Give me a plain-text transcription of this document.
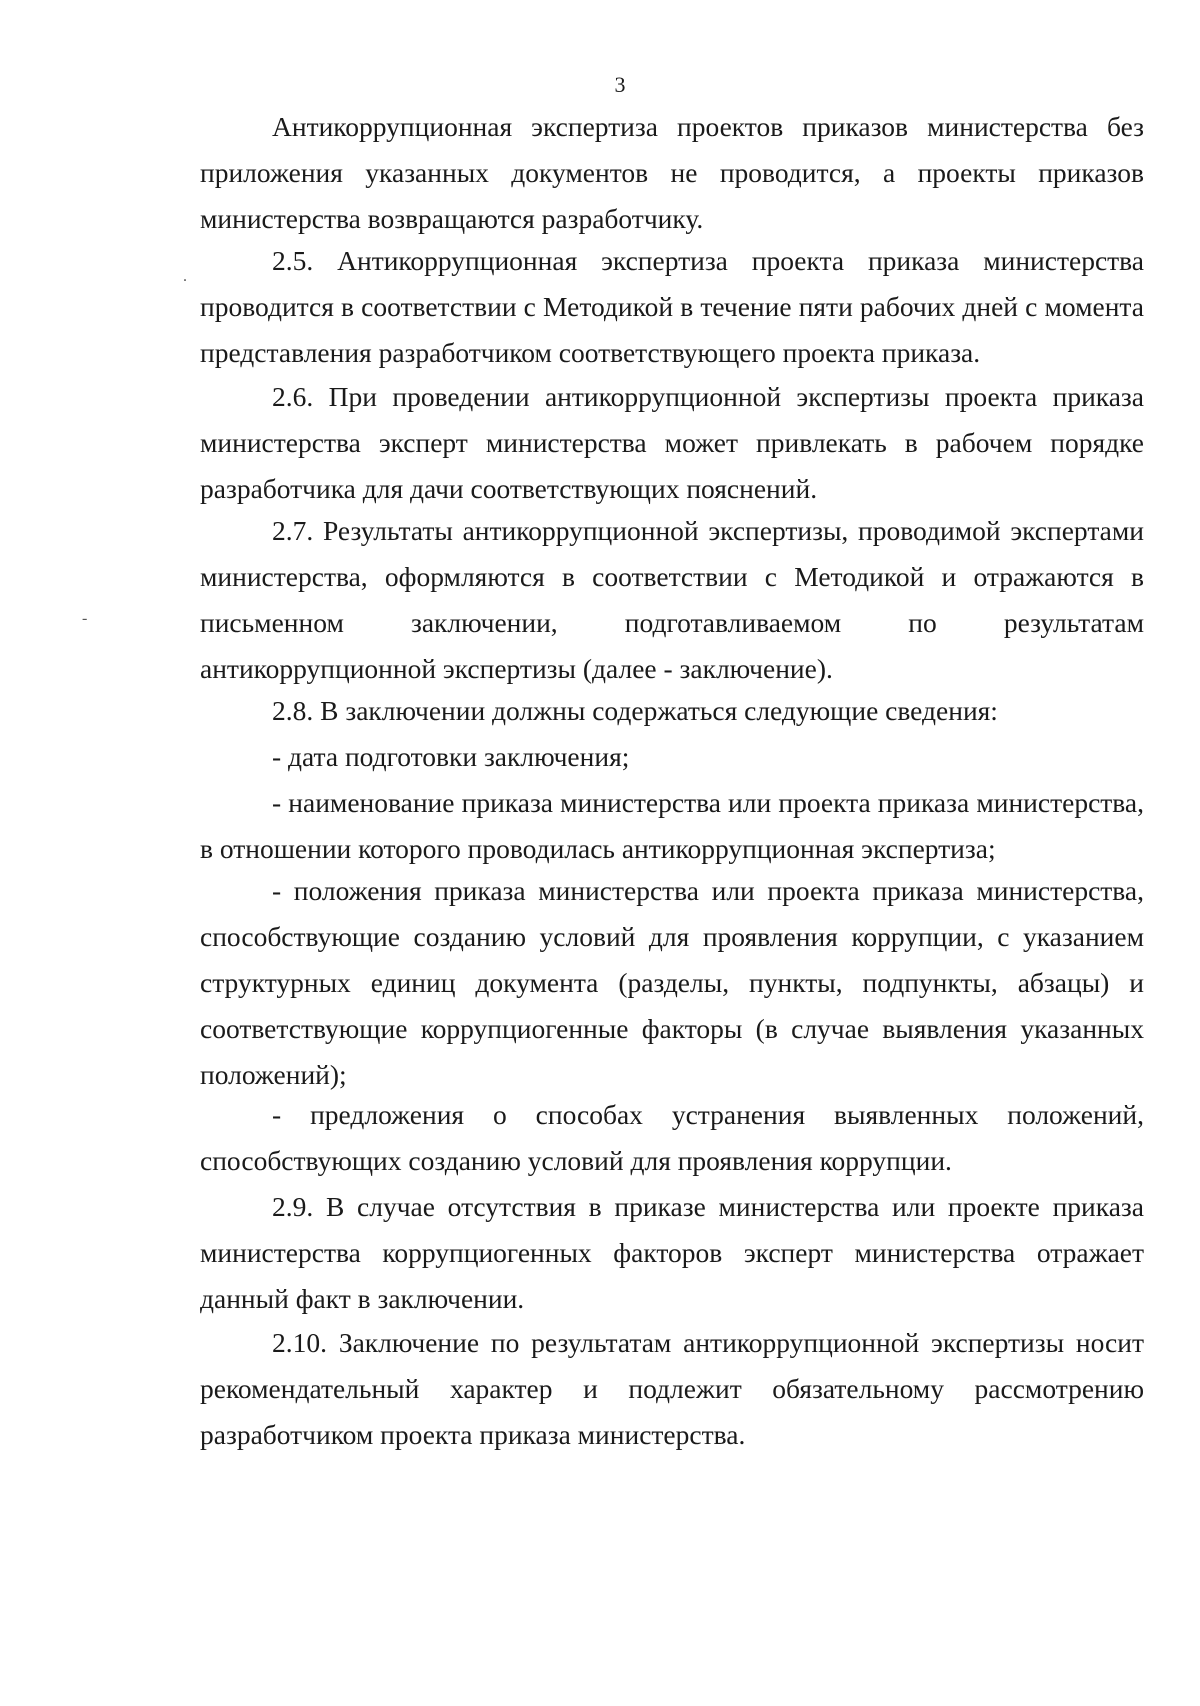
3
.
-

Антикоррупционная экспертиза проектов приказов министерства без приложения указанных документов не проводится, а проекты приказов министерства возвращаются разработчику.

2.5. Антикоррупционная экспертиза проекта приказа министерства проводится в соответствии с Методикой в течение пяти рабочих дней с момента представления разработчиком соответствующего проекта приказа.

2.6. При проведении антикоррупционной экспертизы проекта приказа министерства эксперт министерства может привлекать в рабочем порядке разработчика для дачи соответствующих пояснений.

2.7. Результаты антикоррупционной экспертизы, проводимой экспертами министерства, оформляются в соответствии с Методикой и отражаются в письменном заключении, подготавливаемом по результатам антикоррупционной экспертизы (далее - заключение).

2.8. В заключении должны содержаться следующие сведения:

- дата подготовки заключения;

- наименование приказа министерства или проекта приказа министерства, в отношении которого проводилась антикоррупционная экспертиза;

- положения приказа министерства или проекта приказа министерства, способствующие созданию условий для проявления коррупции, с указанием структурных единиц документа (разделы, пункты, подпункты, абзацы) и соответствующие коррупциогенные факторы (в случае выявления указанных положений);

- предложения о способах устранения выявленных положений, способствующих созданию условий для проявления коррупции.

2.9. В случае отсутствия в приказе министерства или проекте приказа министерства коррупциогенных факторов эксперт министерства отражает данный факт в заключении.

2.10. Заключение по результатам антикоррупционной экспертизы носит рекомендательный характер и подлежит обязательному рассмотрению разработчиком проекта приказа министерства.
